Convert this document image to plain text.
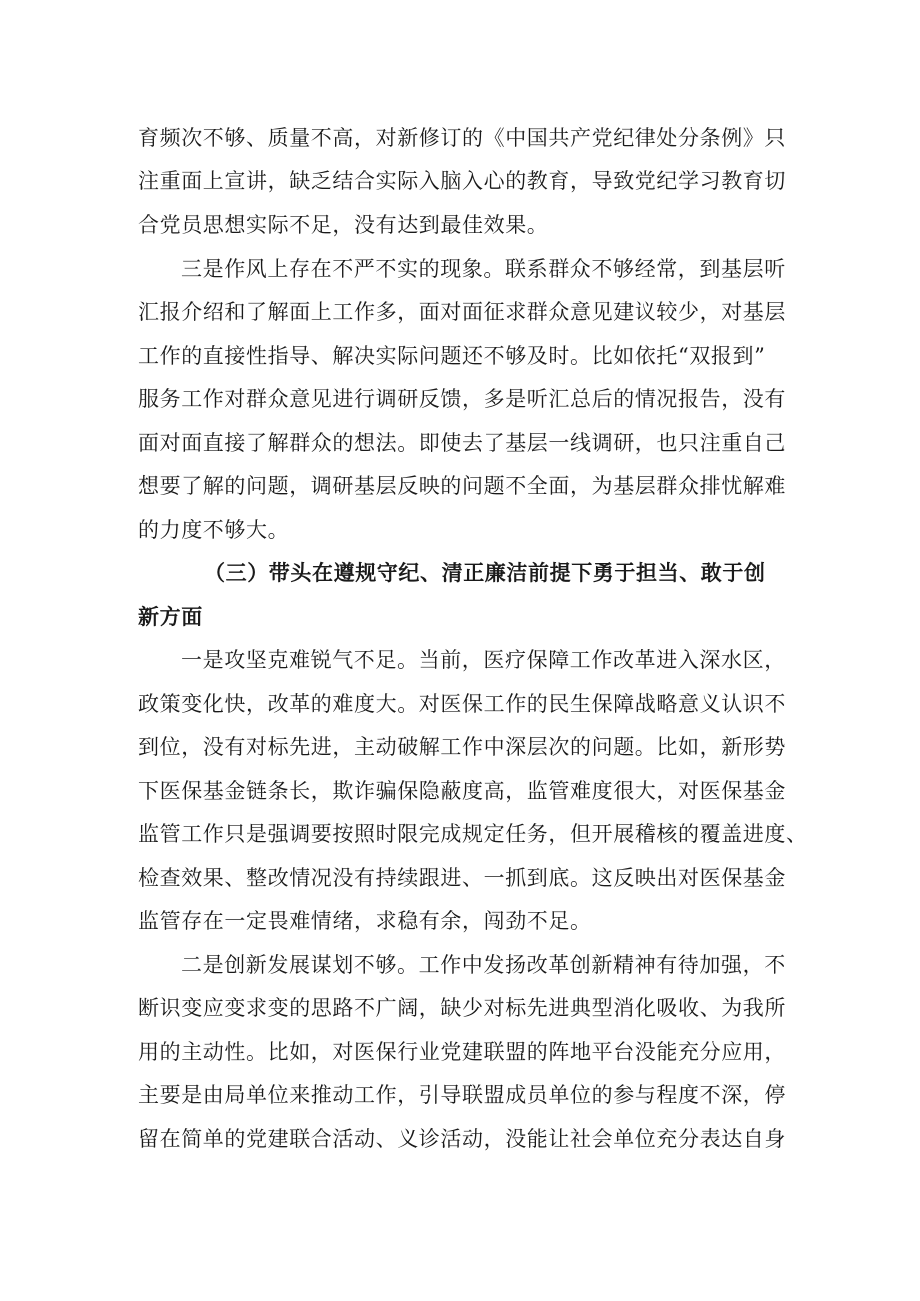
育频次不够、质量不高，对新修订的《中国共产党纪律处分条例》只
注重面上宣讲，缺乏结合实际入脑入心的教育，导致党纪学习教育切
合党员思想实际不足，没有达到最佳效果。
三是作风上存在不严不实的现象。联系群众不够经常，到基层听
汇报介绍和了解面上工作多，面对面征求群众意见建议较少，对基层
工作的直接性指导、解决实际问题还不够及时。比如依托“双报到”
服务工作对群众意见进行调研反馈，多是听汇总后的情况报告，没有
面对面直接了解群众的想法。即使去了基层一线调研，也只注重自己
想要了解的问题，调研基层反映的问题不全面，为基层群众排忧解难
的力度不够大。
（三）带头在遵规守纪、清正廉洁前提下勇于担当、敢于创
新方面
一是攻坚克难锐气不足。当前，医疗保障工作改革进入深水区，
政策变化快，改革的难度大。对医保工作的民生保障战略意义认识不
到位，没有对标先进，主动破解工作中深层次的问题。比如，新形势
下医保基金链条长，欺诈骗保隐蔽度高，监管难度很大，对医保基金
监管工作只是强调要按照时限完成规定任务，但开展稽核的覆盖进度、
检查效果、整改情况没有持续跟进、一抓到底。这反映出对医保基金
监管存在一定畏难情绪，求稳有余，闯劲不足。
二是创新发展谋划不够。工作中发扬改革创新精神有待加强，不
断识变应变求变的思路不广阔，缺少对标先进典型消化吸收、为我所
用的主动性。比如，对医保行业党建联盟的阵地平台没能充分应用，
主要是由局单位来推动工作，引导联盟成员单位的参与程度不深，停
留在简单的党建联合活动、义诊活动，没能让社会单位充分表达自身
